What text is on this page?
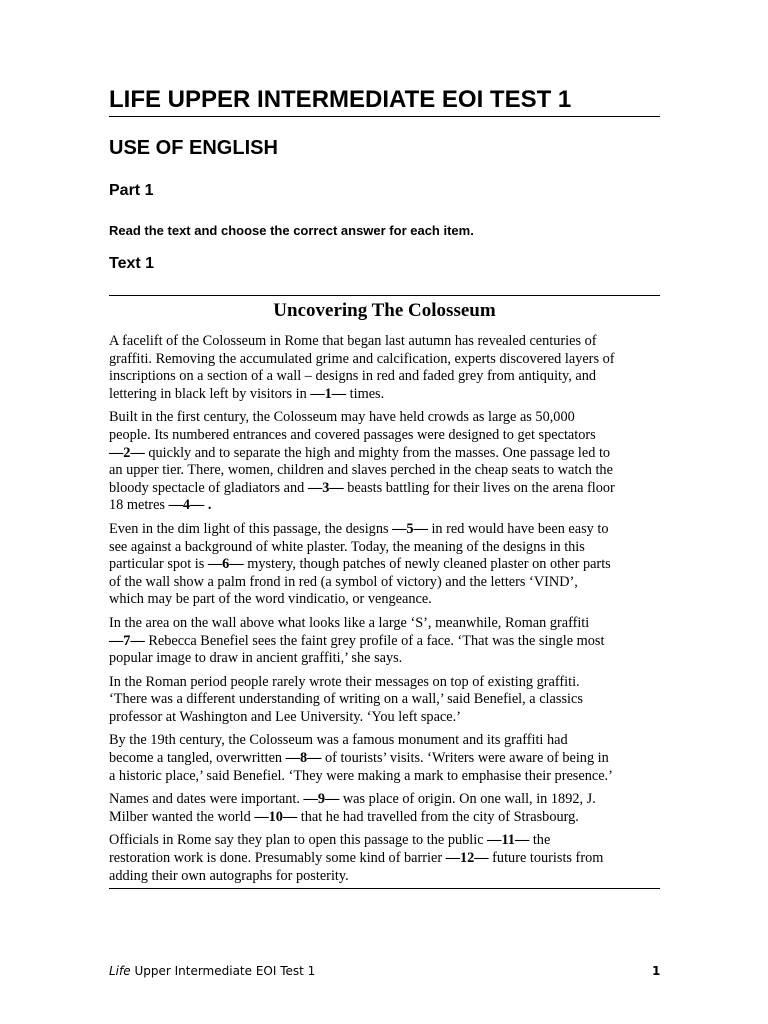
LIFE UPPER INTERMEDIATE EOI TEST 1
USE OF ENGLISH
Part 1
Read the text and choose the correct answer for each item.
Text 1
Uncovering The Colosseum
A facelift of the Colosseum in Rome that began last autumn has revealed centuries of
graffiti. Removing the accumulated grime and calcification, experts discovered layers of
inscriptions on a section of a wall – designs in red and faded grey from antiquity, and
lettering in black left by visitors in —1— times.
Built in the first century, the Colosseum may have held crowds as large as 50,000
people. Its numbered entrances and covered passages were designed to get spectators
—2— quickly and to separate the high and mighty from the masses. One passage led to
an upper tier. There, women, children and slaves perched in the cheap seats to watch the
bloody spectacle of gladiators and —3— beasts battling for their lives on the arena floor
18 metres —4— .
Even in the dim light of this passage, the designs —5— in red would have been easy to
see against a background of white plaster. Today, the meaning of the designs in this
particular spot is —6— mystery, though patches of newly cleaned plaster on other parts
of the wall show a palm frond in red (a symbol of victory) and the letters ‘VIND’,
which may be part of the word vindicatio, or vengeance.
In the area on the wall above what looks like a large ‘S’, meanwhile, Roman graffiti
—7— Rebecca Benefiel sees the faint grey profile of a face. ‘That was the single most
popular image to draw in ancient graffiti,’ she says.
In the Roman period people rarely wrote their messages on top of existing graffiti.
‘There was a different understanding of writing on a wall,’ said Benefiel, a classics
professor at Washington and Lee University. ‘You left space.’
By the 19th century, the Colosseum was a famous monument and its graffiti had
become a tangled, overwritten —8— of tourists’ visits. ‘Writers were aware of being in
a historic place,’ said Benefiel. ‘They were making a mark to emphasise their presence.’
Names and dates were important. —9— was place of origin. On one wall, in 1892, J.
Milber wanted the world —10— that he had travelled from the city of Strasbourg.
Officials in Rome say they plan to open this passage to the public —11— the
restoration work is done. Presumably some kind of barrier —12— future tourists from
adding their own autographs for posterity.
Life Upper Intermediate EOI Test 1	1
